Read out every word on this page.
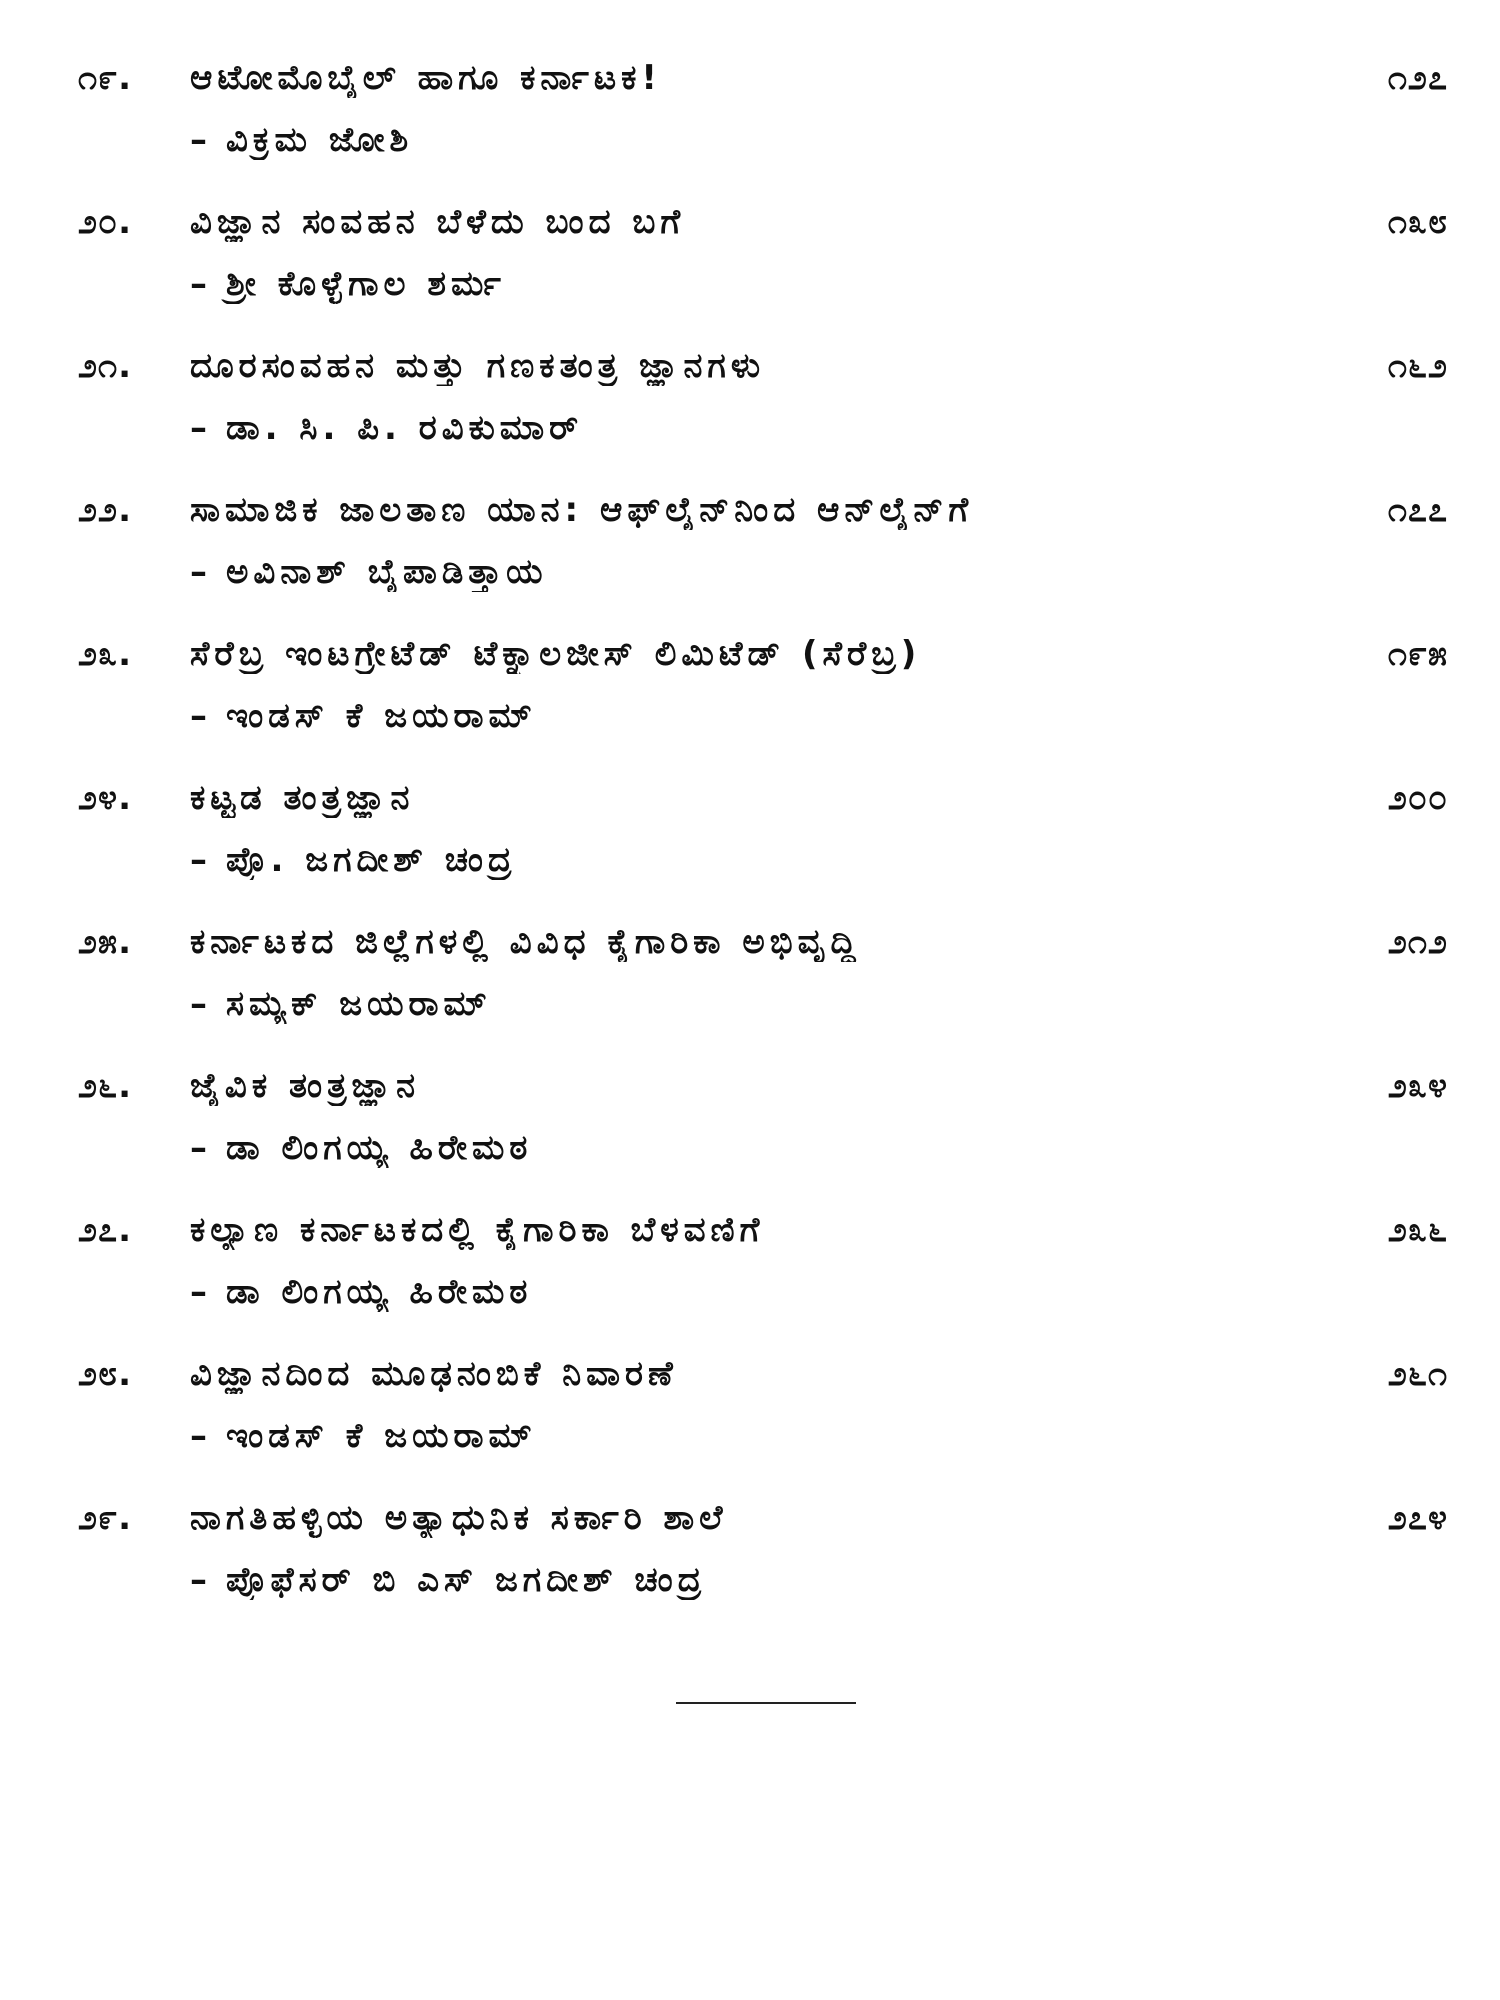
೧೯.	ಆಟೋಮೊಬೈಲ್ ಹಾಗೂ ಕರ್ನಾಟಕ!	೧೨೭
– ವಿಕ್ರಮ ಜೋಶಿ
೨೦.	ವಿಜ್ಞಾನ ಸಂವಹನ ಬೆಳೆದು ಬಂದ ಬಗೆ	೧೩೮
– ಶ್ರೀ ಕೊಳ್ಳೆಗಾಲ ಶರ್ಮ
೨೧.	ದೂರಸಂವಹನ ಮತ್ತು ಗಣಕತಂತ್ರ ಜ್ಞಾನಗಳು	೧೬೨
– ಡಾ. ಸಿ. ಪಿ. ರವಿಕುಮಾರ್
೨೨.	ಸಾಮಾಜಿಕ ಜಾಲತಾಣ ಯಾನ: ಆಫ್‌ಲೈನ್‌ನಿಂದ ಆನ್‌ಲೈನ್‌ಗೆ	೧೭೭
– ಅವಿನಾಶ್ ಬೈಪಾಡಿತ್ತಾಯ
೨೩.	ಸೆರೆಬ್ರ ಇಂಟಗ್ರೇಟೆಡ್ ಟೆಕ್ನಾಲಜೀಸ್ ಲಿಮಿಟೆಡ್ (ಸೆರೆಬ್ರ)	೧೯೫
– ಇಂಡಸ್ ಕೆ ಜಯರಾಮ್
೨೪.	ಕಟ್ಟಡ ತಂತ್ರಜ್ಞಾನ	೨೦೦
– ಪ್ರೊ. ಜಗದೀಶ್ ಚಂದ್ರ
೨೫.	ಕರ್ನಾಟಕದ ಜಿಲ್ಲೆಗಳಲ್ಲಿ ವಿವಿಧ ಕೈಗಾರಿಕಾ ಅಭಿವೃದ್ಧಿ	೨೧೨
– ಸಮ್ಯಕ್ ಜಯರಾಮ್
೨೬.	ಜೈವಿಕ ತಂತ್ರಜ್ಞಾನ	೨೩೪
– ಡಾ ಲಿಂಗಯ್ಯ ಹಿರೇಮಠ
೨೭.	ಕಲ್ಯಾಣ ಕರ್ನಾಟಕದಲ್ಲಿ ಕೈಗಾರಿಕಾ ಬೆಳವಣಿಗೆ	೨೩೬
– ಡಾ ಲಿಂಗಯ್ಯ ಹಿರೇಮಠ
೨೮.	ವಿಜ್ಞಾನದಿಂದ ಮೂಢನಂಬಿಕೆ ನಿವಾರಣೆ	೨೬೧
– ಇಂಡಸ್ ಕೆ ಜಯರಾಮ್
೨೯.	ನಾಗತಿಹಳ್ಳಿಯ ಅತ್ಯಾಧುನಿಕ ಸರ್ಕಾರಿ ಶಾಲೆ	೨೭೪
– ಪ್ರೊಫೆಸರ್ ಬಿ ಎಸ್ ಜಗದೀಶ್ ಚಂದ್ರ
